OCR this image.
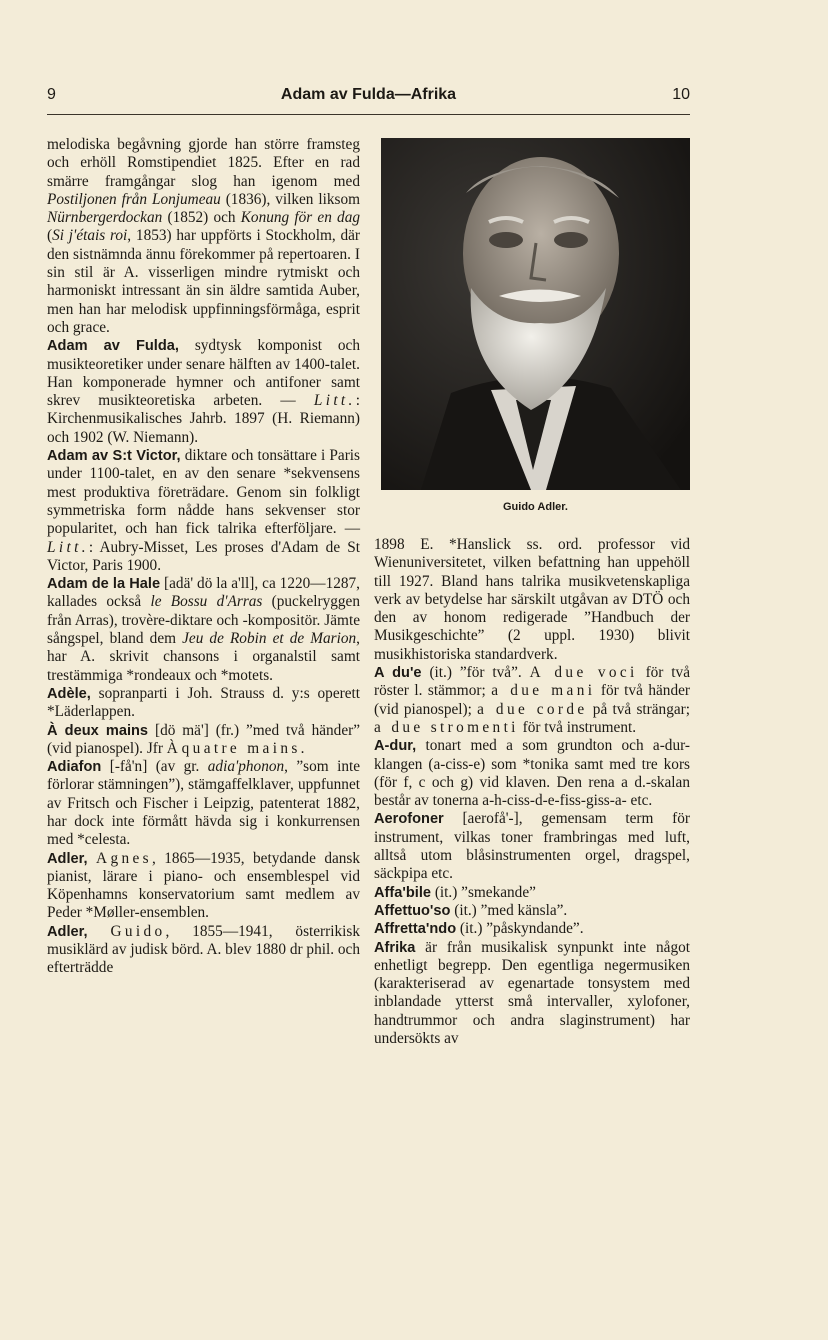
9	Adam av Fulda—Afrika	10

melodiska begåvning gjorde han större framsteg och erhöll Romstipendiet 1825. Efter en rad smärre framgångar slog han igenom med Postiljonen från Lonjumeau (1836), vilken liksom Nürnbergerdockan (1852) och Konung för en dag (Si j'étais roi, 1853) har uppförts i Stockholm, där den sistnämnda ännu förekommer på repertoaren. I sin stil är A. visserligen mindre rytmiskt och harmoniskt intressant än sin äldre samtida Auber, men han har melodisk uppfinningsförmåga, esprit och grace.

Adam av Fulda, sydtysk komponist och musikteoretiker under senare hälften av 1400-talet. Han komponerade hymner och antifoner samt skrev musikteoretiska arbeten. — Litt.: Kirchenmusikalisches Jahrb. 1897 (H. Riemann) och 1902 (W. Niemann).

Adam av S:t Victor, diktare och tonsättare i Paris under 1100-talet, en av den senare *sekvensens mest produktiva företrädare. Genom sin folkligt symmetriska form nådde hans sekvenser stor popularitet, och han fick talrika efterföljare. — Litt.: Aubry-Misset, Les proses d'Adam de St Victor, Paris 1900.

Adam de la Hale [adä' dö la a'll], ca 1220—1287, kallades också le Bossu d'Arras (puckelryggen från Arras), trovère-diktare och -kompositör. Jämte sångspel, bland dem Jeu de Robin et de Marion, har A. skrivit chansons i organalstil samt trestämmiga *rondeaux och *motets.

Adèle, sopranparti i Joh. Strauss d. y:s operett *Läderlappen.

À deux mains [dö mä'] (fr.) ”med två händer” (vid pianospel). Jfr À quatre mains.

Adiafon [-få'n] (av gr. adia'phonon, ”som inte förlorar stämningen”), stämgaffelklaver, uppfunnet av Fritsch och Fischer i Leipzig, patenterat 1882, har dock inte förmått hävda sig i konkurrensen med *celesta.

Adler, Agnes, 1865—1935, betydande dansk pianist, lärare i piano- och ensemblespel vid Köpenhamns konservatorium samt medlem av Peder *Møller-ensemblen.

Adler, Guido, 1855—1941, österrikisk musiklärd av judisk börd. A. blev 1880 dr phil. och efterträdde

Guido Adler.

1898 E. *Hanslick ss. ord. professor vid Wienuniversitetet, vilken befattning han uppehöll till 1927. Bland hans talrika musikvetenskapliga verk av betydelse har särskilt utgåvan av DTÖ och den av honom redigerade ”Handbuch der Musikgeschichte” (2 uppl. 1930) blivit musikhistoriska standardverk.

A du'e (it.) ”för två”. A due voci för två röster l. stämmor; a due mani för två händer (vid pianospel); a due corde på två strängar; a due stromenti för två instrument.

A-dur, tonart med a som grundton och a-dur-klangen (a-ciss-e) som *tonika samt med tre kors (för f, c och g) vid klaven. Den rena a d.-skalan består av tonerna a-h-ciss-d-e-fiss-giss-a- etc.

Aerofoner [aerofå'-], gemensam term för instrument, vilkas toner frambringas med luft, alltså utom blåsinstrumenten orgel, dragspel, säckpipa etc.

Affa'bile (it.) ”smekande”

Affettuo'so (it.) ”med känsla”.

Affretta'ndo (it.) ”påskyndande”.

Afrika är från musikalisk synpunkt inte något enhetligt begrepp. Den egentliga negermusiken (karakteriserad av egenartade tonsystem med inblandade ytterst små intervaller, xylofoner, handtrummor och andra slaginstrument) har undersökts av
